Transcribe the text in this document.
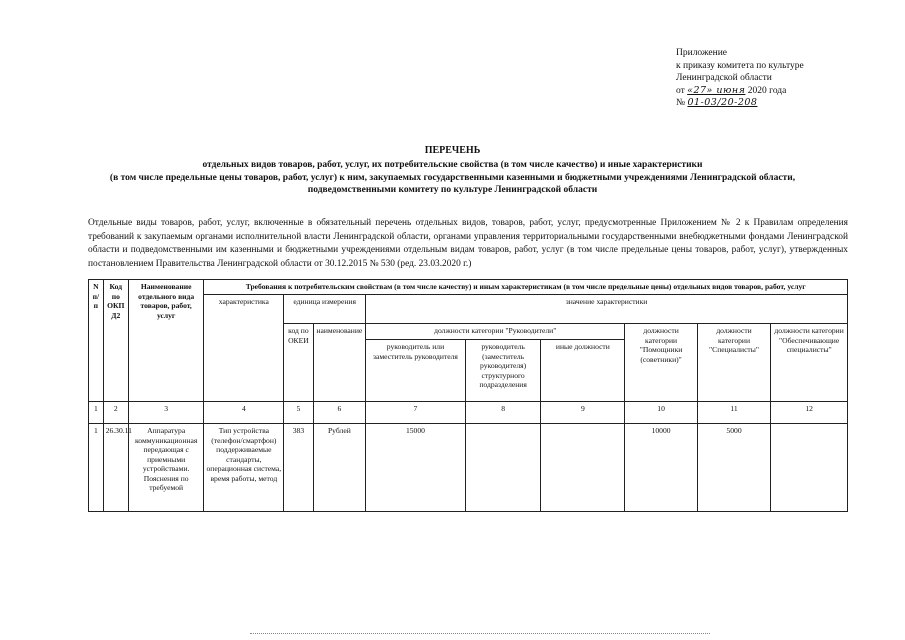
Приложение
к приказу комитета по культуре
Ленинградской области
от «27» июня 2020 года
№ 01-03/20-208
ПЕРЕЧЕНЬ
отдельных видов товаров, работ, услуг, их потребительские свойства (в том числе качество) и иные характеристики
(в том числе предельные цены товаров, работ, услуг) к ним, закупаемых государственными казенными и бюджетными учреждениями Ленинградской области,
подведомственными комитету по культуре Ленинградской области
Отдельные виды товаров, работ, услуг, включенные в обязательный перечень отдельных видов, товаров, работ, услуг, предусмотренные Приложением № 2 к Правилам определения требований к закупаемым органами исполнительной власти Ленинградской области, органами управления территориальными государственными внебюджетными фондами Ленинградской области и подведомственными им казенными и бюджетными учреждениями отдельным видам товаров, работ, услуг (в том числе предельные цены товаров, работ, услуг), утвержденных постановлением Правительства Ленинградской области от 30.12.2015 № 530 (ред. 23.03.2020 г.)
N п/п	Код по ОКП Д2	Наименование отдельного вида товаров, работ, услуг	Требования к потребительским свойствам (в том числе качеству) и иным характеристикам (в том числе предельные цены) отдельных видов товаров, работ, услуг								
			характеристика	единица измерения		значение характеристики					
				код по ОКЕИ	наименование	должности категории "Руководители"			должности категории "Помощники (советники)"	должности категории "Специалисты"	должности категории "Обеспечивающие специалисты"
						руководитель или заместитель руководителя	руководитель (заместитель руководителя) структурного подразделения	иные должности			
1	2	3	4	5	6	7	8	9	10	11	12
1	26.30.11	Аппаратура коммуникационная передающая с приемными устройствами. Пояснения по требуемой	Тип устройства (телефон/смартфон) поддерживаемые стандарты, операционная система, время работы, метод	383	Рублей	15000			10000	5000	
